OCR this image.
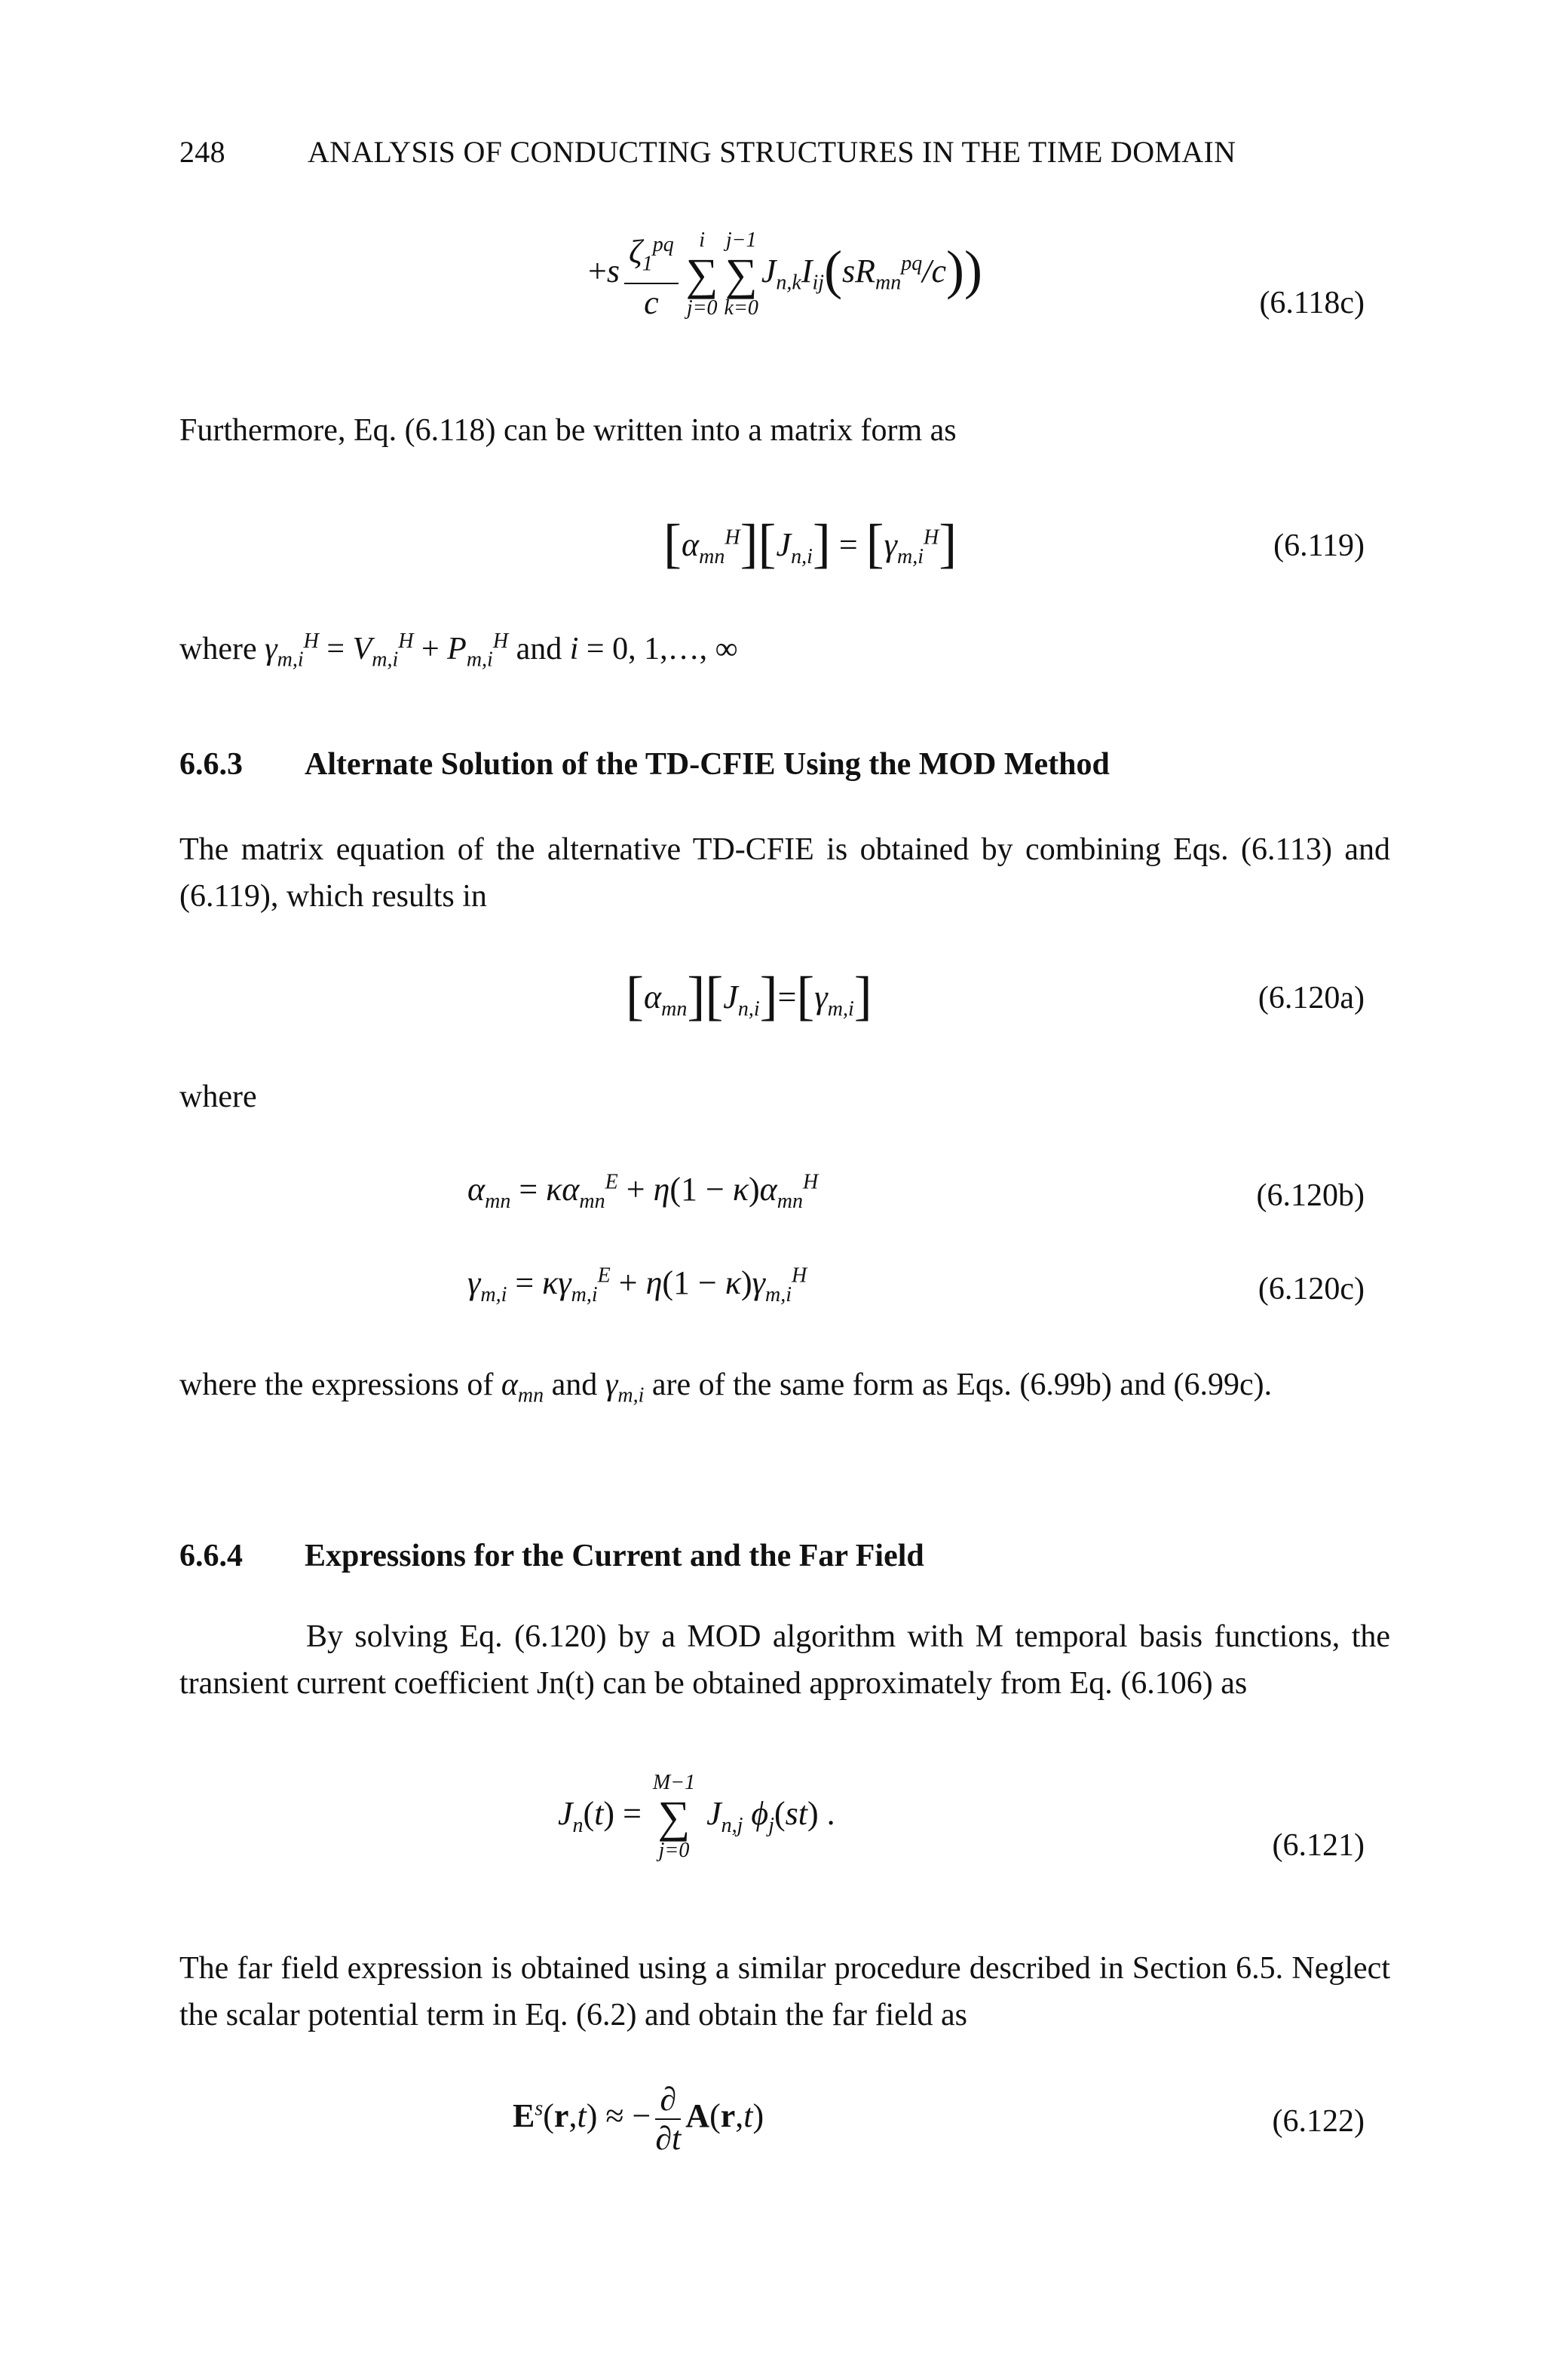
248	ANALYSIS OF CONDUCTING STRUCTURES IN THE TIME DOMAIN
$+s \frac{\zeta_1^{pq}}{c}$ i
∑
j=0
j−1
∑
k=0
$J_{n,k}I_{ij}(sR_{mn}^{pq}/c)$)
(6.118c)
Furthermore, Eq. (6.118) can be written into a matrix form as
$[\alpha_{mn}^H][J_{n,i}] = [\gamma_{m,i}^H]$	(6.119)
where $\gamma_{m,i}^H = V_{m,i}^H + P_{m,i}^H$ and i = 0, 1,…, ∞
6.6.3 Alternate Solution of the TD-CFIE Using the MOD Method
The matrix equation of the alternative TD-CFIE is obtained by combining Eqs. (6.113) and (6.119), which results in
$[\alpha_{mn}][J_{n,i}]=[\gamma_{m,i}]$	(6.120a)
where
$\alpha_{mn} = \kappa\alpha_{mn}^E + \eta(1 - \kappa)\alpha_{mn}^H$	(6.120b)
$\gamma_{m,i} = \kappa\gamma_{m,i}^E + \eta(1 - \kappa)\gamma_{m,i}^H$	(6.120c)
where the expressions of $\alpha_{mn}$ and $\gamma_{m,i}$ are of the same form as Eqs. (6.99b) and (6.99c).
6.6.4 Expressions for the Current and the Far Field
By solving Eq. (6.120) by a MOD algorithm with M temporal basis functions, the transient current coefficient Jn(t) can be obtained approximately from Eq. (6.106) as
$J_n(t)$ =
M−1
∑
j=0
$J_{n,j}$ $\phi_j(st)$ .
(6.121)
The far field expression is obtained using a similar procedure described in Section 6.5. Neglect the scalar potential term in Eq. (6.2) and obtain the far field as
$E^s(r,t)$ ≈ − $\frac{\partial}{\partial t} A(r,t)$	(6.122)
